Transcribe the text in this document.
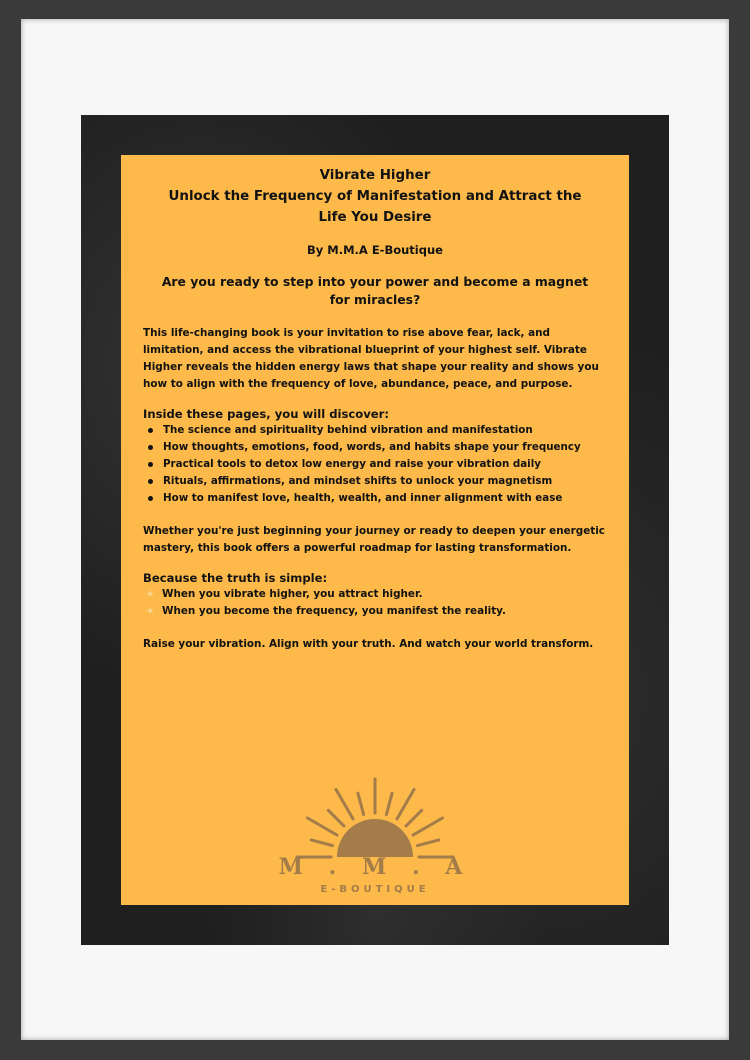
Vibrate Higher
Unlock the Frequency of Manifestation and Attract the
Life You Desire
By M.M.A E-Boutique
Are you ready to step into your power and become a magnet for miracles?
This life-changing book is your invitation to rise above fear, lack, and limitation, and access the vibrational blueprint of your highest self. Vibrate Higher reveals the hidden energy laws that shape your reality and shows you how to align with the frequency of love, abundance, peace, and purpose.
Inside these pages, you will discover:
The science and spirituality behind vibration and manifestation
How thoughts, emotions, food, words, and habits shape your frequency
Practical tools to detox low energy and raise your vibration daily
Rituals, affirmations, and mindset shifts to unlock your magnetism
How to manifest love, health, wealth, and inner alignment with ease
Whether you're just beginning your journey or ready to deepen your energetic mastery, this book offers a powerful roadmap for lasting transformation.
Because the truth is simple:
✦ When you vibrate higher, you attract higher.
✦ When you become the frequency, you manifest the reality.
Raise your vibration. Align with your truth. And watch your world transform.
M . M . A
E-BOUTIQUE
